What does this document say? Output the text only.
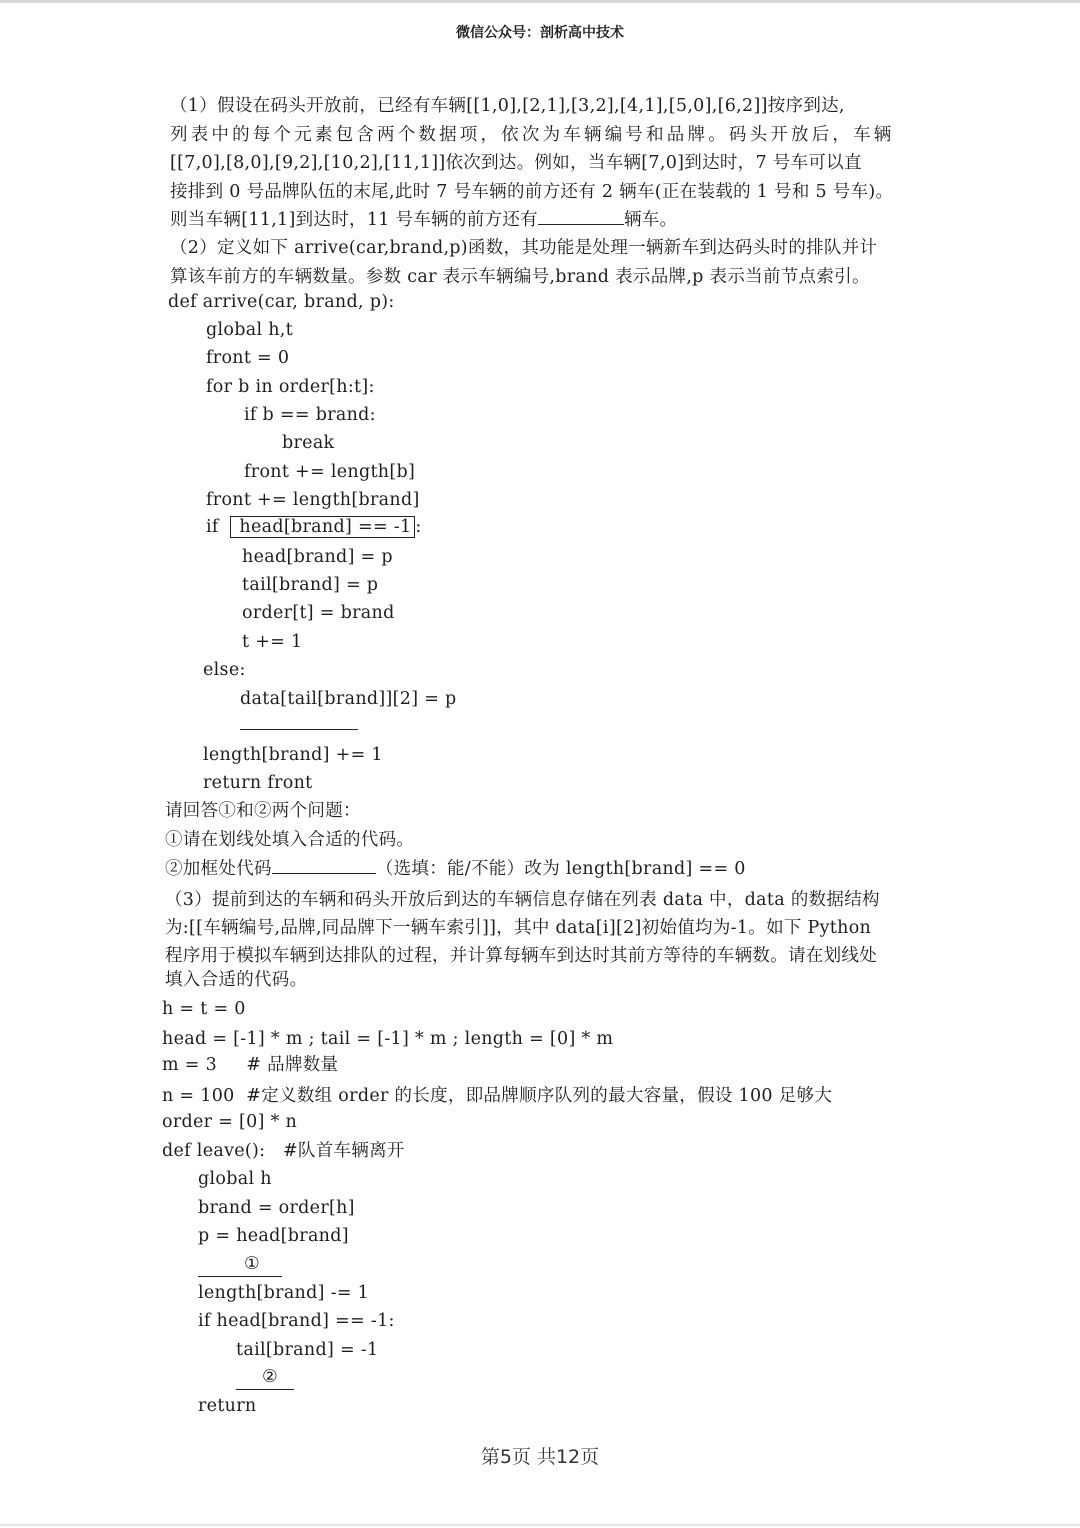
微信公众号：剖析高中技术
（1）假设在码头开放前，已经有车辆[[1,0],[2,1],[3,2],[4,1],[5,0],[6,2]]按序到达,
列表中的每个元素包含两个数据项，依次为车辆编号和品牌。码头开放后，车辆
[[7,0],[8,0],[9,2],[10,2],[11,1]]依次到达。例如，当车辆[7,0]到达时，7 号车可以直
接排到 0 号品牌队伍的末尾,此时 7 号车辆的前方还有 2 辆车(正在装载的 1 号和 5 号车)。
则当车辆[11,1]到达时，11 号车辆的前方还有	辆车。
（2）定义如下 arrive(car,brand,p)函数，其功能是处理一辆新车到达码头时的排队并计
算该车前方的车辆数量。参数 car 表示车辆编号,brand 表示品牌,p 表示当前节点索引。
def arrive(car, brand, p):
global h,t
front = 0
for b in order[h:t]:
if b == brand:
break
front += length[b]
front += length[brand]
if head[brand] == -1 :
head[brand] = p
tail[brand] = p
order[t] = brand
t += 1
else:
data[tail[brand]][2] = p
length[brand] += 1
return front
请回答①和②两个问题：
①请在划线处填入合适的代码。
②加框处代码	（选填：能/不能）改为 length[brand] == 0
（3）提前到达的车辆和码头开放后到达的车辆信息存储在列表 data 中，data 的数据结构
为:[[车辆编号,品牌,同品牌下一辆车索引]]，其中 data[i][2]初始值均为-1。如下 Python
程序用于模拟车辆到达排队的过程，并计算每辆车到达时其前方等待的车辆数。请在划线处
填入合适的代码。
h = t = 0
head = [-1] * m ; tail = [-1] * m ; length = [0] * m
m = 3     # 品牌数量
n = 100  #定义数组 order 的长度，即品牌顺序队列的最大容量，假设 100 足够大
order = [0] * n
def leave():   #队首车辆离开
global h
brand = order[h]
p = head[brand]
①
length[brand] -= 1
if head[brand] == -1:
tail[brand] = -1
②
return
第5页 共12页
